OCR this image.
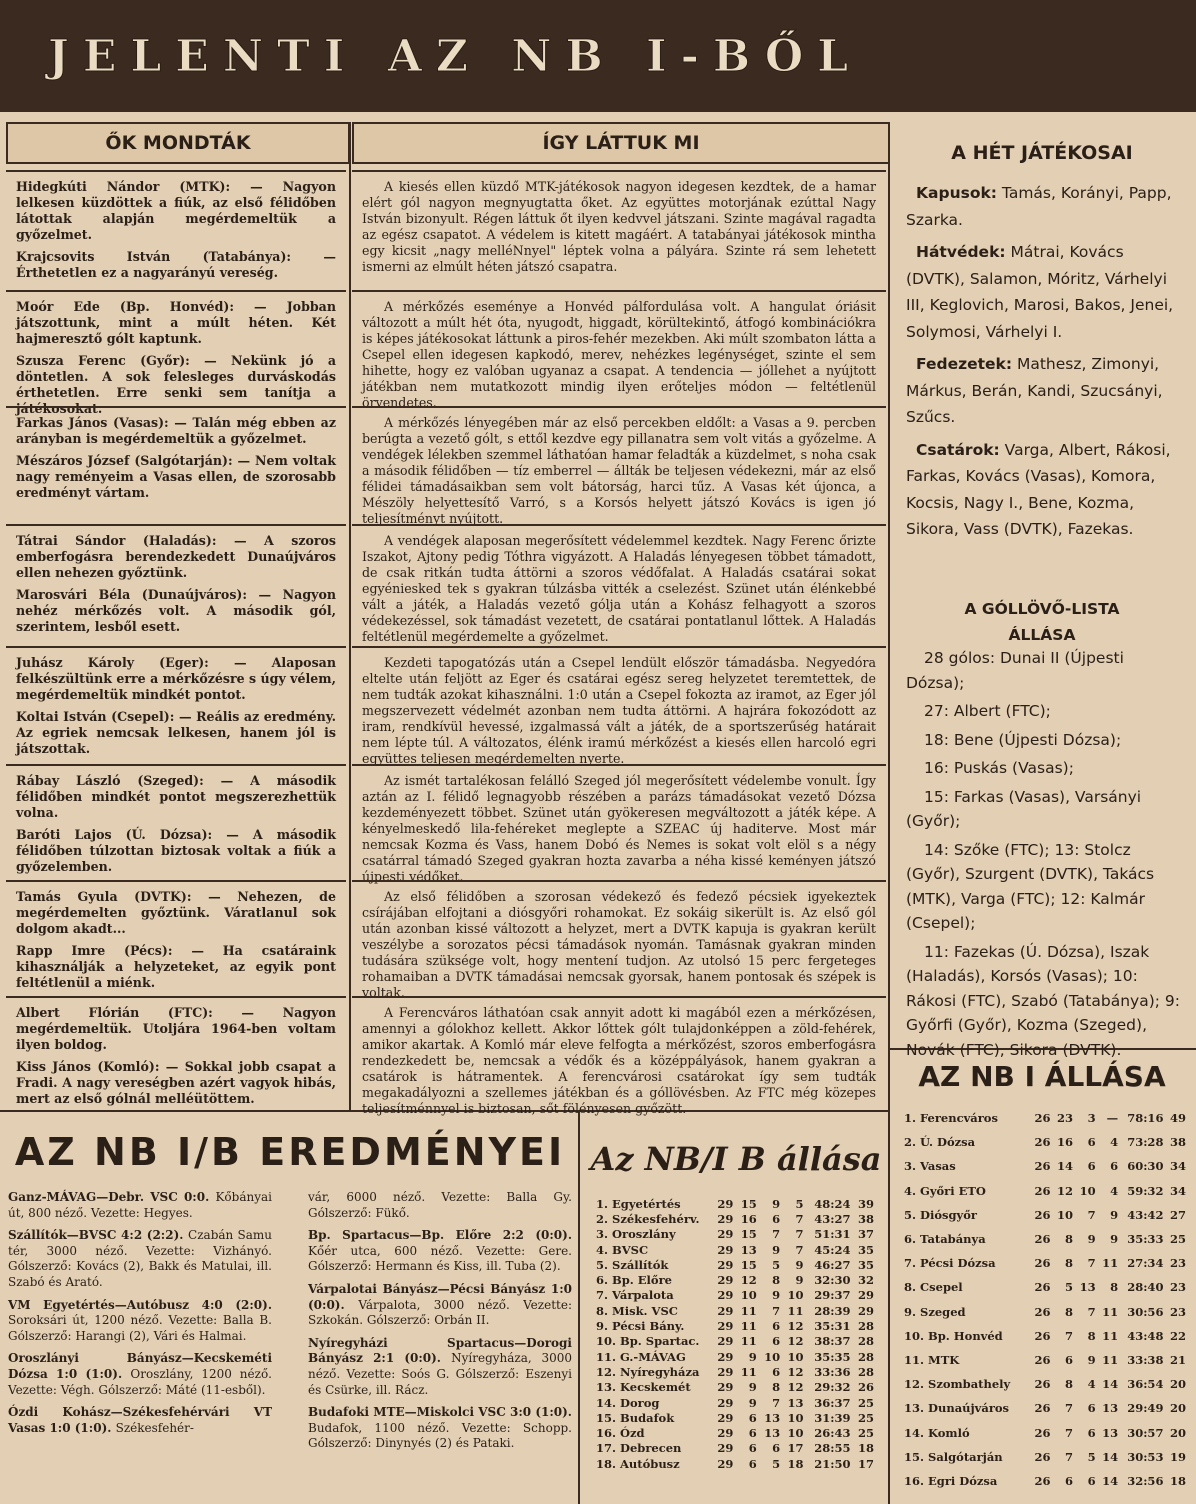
JELENTI AZ NB I-BŐL
ŐK MONDTÁK	ÍGY LÁTTUK MI	A HÉT JÁTÉKOSAI

Hidegkúti Nándor (MTK): — Nagyon lelkesen küzdöttek a fiúk, az első félidőben látottak alapján megérdemeltük a győzelmet.

Krajcsovits István (Tatabánya): — Érthetetlen ez a nagyarányú vereség.

Moór Ede (Bp. Honvéd): — Jobban játszottunk, mint a múlt héten. Két hajmeresztő gólt kaptunk.

Szusza Ferenc (Győr): — Nekünk jó a döntetlen. A sok felesleges durváskodás érthetetlen. Erre senki sem tanítja a játékosokat.

Farkas János (Vasas): — Talán még ebben az arányban is megérdemeltük a győzelmet.

Mészáros József (Salgótarján): — Nem voltak nagy reményeim a Vasas ellen, de szorosabb eredményt vártam.

Tátrai Sándor (Haladás): — A szoros emberfogásra berendezkedett Dunaújváros ellen nehezen győztünk.

Marosvári Béla (Dunaújváros): — Nagyon nehéz mérkőzés volt. A második gól, szerintem, lesből esett.

Juhász Károly (Eger): — Alaposan felkészültünk erre a mérkőzésre s úgy vélem, megérdemeltük mindkét pontot.

Koltai István (Csepel): — Reális az eredmény. Az egriek nemcsak lelkesen, hanem jól is játszottak.

Rábay László (Szeged): — A második félidőben mindkét pontot megszerezhettük volna.

Baróti Lajos (Ú. Dózsa): — A második félidőben túlzottan biztosak voltak a fiúk a győzelemben.

Tamás Gyula (DVTK): — Nehezen, de megérdemelten győztünk. Váratlanul sok dolgom akadt...

Rapp Imre (Pécs): — Ha csatáraink kihasználják a helyzeteket, az egyik pont feltétlenül a miénk.

Albert Flórián (FTC): — Nagyon megérdemeltük. Utoljára 1964-ben voltam ilyen boldog.

Kiss János (Komló): — Sokkal jobb csapat a Fradi. A nagy vereségben azért vagyok hibás, mert az első gólnál melléütöttem.

A kiesés ellen küzdő MTK-játékosok nagyon idegesen kezdtek, de a hamar elért gól nagyon megnyugtatta őket. Az együttes motorjának ezúttal Nagy István bizonyult. Régen láttuk őt ilyen kedvvel játszani. Szinte magával ragadta az egész csapatot. A védelem is kitett magáért. A tatabányai játékosok mintha egy kicsit „nagy melléNnyel" léptek volna a pályára. Szinte rá sem lehetett ismerni az elmúlt héten játszó csapatra.

A mérkőzés eseménye a Honvéd pálfordulása volt. A hangulat óriásit változott a múlt hét óta, nyugodt, higgadt, körültekintő, átfogó kombinációkra is képes játékosokat láttunk a piros-fehér mezekben. Aki múlt szombaton látta a Csepel ellen idegesen kapkodó, merev, nehézkes legénységet, szinte el sem hihette, hogy ez valóban ugyanaz a csapat. A tendencia — jóllehet a nyújtott játékban nem mutatkozott mindig ilyen erőteljes módon — feltétlenül örvendetes.

A mérkőzés lényegében már az első percekben eldőlt: a Vasas a 9. percben berúgta a vezető gólt, s ettől kezdve egy pillanatra sem volt vitás a győzelme. A vendégek lélekben szemmel láthatóan hamar feladták a küzdelmet, s noha csak a második félidőben — tíz emberrel — állták be teljesen védekezni, már az első félidei támadásaikban sem volt bátorság, harci tűz. A Vasas két újonca, a Mészöly helyettesítő Varró, s a Korsós helyett játszó Kovács is igen jó teljesítményt nyújtott.

A vendégek alaposan megerősített védelemmel kezdtek. Nagy Ferenc őrizte Iszakot, Ajtony pedig Tóthra vigyázott. A Haladás lényegesen többet támadott, de csak ritkán tudta áttörni a szoros védőfalat. A Haladás csatárai sokat egyéniesked tek s gyakran túlzásba vitték a cselezést. Szünet után élénkebbé vált a játék, a Haladás vezető gólja után a Kohász felhagyott a szoros védekezéssel, sok támadást vezetett, de csatárai pontatlanul lőttek. A Haladás feltétlenül megérdemelte a győzelmet.

Kezdeti tapogatózás után a Csepel lendült először támadásba. Negyedóra eltelte után feljött az Eger és csatárai egész sereg helyzetet teremtettek, de nem tudták azokat kihasználni. 1:0 után a Csepel fokozta az iramot, az Eger jól megszervezett védelmét azonban nem tudta áttörni. A hajrára fokozódott az iram, rendkívül hevessé, izgalmassá vált a játék, de a sportszerűség határait nem lépte túl. A változatos, élénk iramú mérkőzést a kiesés ellen harcoló egri együttes teljesen megérdemelten nyerte.

Az ismét tartalékosan felálló Szeged jól megerősített védelembe vonult. Így aztán az I. félidő legnagyobb részében a parázs támadásokat vezető Dózsa kezdeményezett többet. Szünet után gyökeresen megváltozott a játék képe. A kényelmeskedő lila-fehéreket meglepte a SZEAC új haditerve. Most már nemcsak Kozma és Vass, hanem Dobó és Nemes is sokat volt elöl s a négy csatárral támadó Szeged gyakran hozta zavarba a néha kissé keményen játszó újpesti védőket.

Az első félidőben a szorosan védekező és fedező pécsiek igyekeztek csírájában elfojtani a diósgyőri rohamokat. Ez sokáig sikerült is. Az első gól után azonban kissé változott a helyzet, mert a DVTK kapuja is gyakran került veszélybe a sorozatos pécsi támadások nyomán. Tamásnak gyakran minden tudására szüksége volt, hogy mentení tudjon. Az utolsó 15 perc fergeteges rohamaiban a DVTK támadásai nemcsak gyorsak, hanem pontosak és szépek is voltak.

A Ferencváros láthatóan csak annyit adott ki magából ezen a mérkőzésen, amennyi a gólokhoz kellett. Akkor lőttek gólt tulajdonképpen a zöld-fehérek, amikor akartak. A Komló már eleve felfogta a mérkőzést, szoros emberfogásra rendezkedett be, nemcsak a védők és a középpályások, hanem gyakran a csatárok is hátramentek. A ferencvárosi csatárokat így sem tudták megakadályozni a szellemes játékban és a góllövésben. Az FTC még közepes teljesítménnyel is biztosan, sőt fölényesen győzött.

Kapusok: Tamás, Korányi, Papp, Szarka.

Hátvédek: Mátrai, Kovács (DVTK), Salamon, Móritz, Várhelyi III, Keglovich, Marosi, Bakos, Jenei, Solymosi, Várhelyi I.

Fedezetek: Mathesz, Zimonyi, Márkus, Berán, Kandi, Szucsányi, Szűcs.

Csatárok: Varga, Albert, Rákosi, Farkas, Kovács (Vasas), Komora, Kocsis, Nagy I., Bene, Kozma, Sikora, Vass (DVTK), Fazekas.

A GÓLLÖVŐ-LISTA
ÁLLÁSA

28 gólos: Dunai II (Újpesti Dózsa);

27: Albert (FTC);

18: Bene (Újpesti Dózsa);

16: Puskás (Vasas);

15: Farkas (Vasas), Varsányi (Győr);

14: Szőke (FTC); 13: Stolcz (Győr), Szurgent (DVTK), Takács (MTK), Varga (FTC); 12: Kalmár (Csepel);

11: Fazekas (Ú. Dózsa), Iszak (Haladás), Korsós (Vasas); 10: Rákosi (FTC), Szabó (Tatabánya); 9: Győrfi (Győr), Kozma (Szeged), Novák (FTC), Sikora (DVTK).

AZ NB I ÁLLÁSA
1. Ferencváros	26	23	3	—	78:16	49
2. Ú. Dózsa	26	16	6	4	73:28	38
3. Vasas	26	14	6	6	60:30	34
4. Győri ETO	26	12	10	4	59:32	34
5. Diósgyőr	26	10	7	9	43:42	27
6. Tatabánya	26	8	9	9	35:33	25
7. Pécsi Dózsa	26	8	7	11	27:34	23
8. Csepel	26	5	13	8	28:40	23
9. Szeged	26	8	7	11	30:56	23
10. Bp. Honvéd	26	7	8	11	43:48	22
11. MTK	26	6	9	11	33:38	21
12. Szombathely	26	8	4	14	36:54	20
13. Dunaújváros	26	7	6	13	29:49	20
14. Komló	26	7	6	13	30:57	20
15. Salgótarján	26	7	5	14	30:53	19
16. Egri Dózsa	26	6	6	14	32:56	18
AZ NB I/B EREDMÉNYEI

Ganz-MÁVAG—Debr. VSC 0:0. Kőbányai út, 800 néző. Vezette: Hegyes.

Szállítók—BVSC 4:2 (2:2). Czabán Samu tér, 3000 néző. Vezette: Vizhányó. Gólszerző: Kovács (2), Bakk és Matulai, ill. Szabó és Arató.

VM Egyetértés—Autóbusz 4:0 (2:0). Soroksári út, 1200 néző. Vezette: Balla B. Gólszerző: Harangi (2), Vári és Halmai.

Oroszlányi Bányász—Kecskeméti Dózsa 1:0 (1:0). Oroszlány, 1200 néző. Vezette: Végh. Gólszerző: Máté (11-esből).

Ózdi Kohász—Székesfehérvári VT Vasas 1:0 (1:0). Székesfehér-

vár, 6000 néző. Vezette: Balla Gy. Gólszerző: Fükő.

Bp. Spartacus—Bp. Előre 2:2 (0:0). Kőér utca, 600 néző. Vezette: Gere. Gólszerző: Hermann és Kiss, ill. Tuba (2).

Várpalotai Bányász—Pécsi Bányász 1:0 (0:0). Várpalota, 3000 néző. Vezette: Szkokán. Gólszerző: Orbán II.

Nyíregyházi Spartacus—Dorogi Bányász 2:1 (0:0). Nyíregyháza, 3000 néző. Vezette: Soós G. Gólszerző: Eszenyi és Csürke, ill. Rácz.

Budafoki MTE—Miskolci VSC 3:0 (1:0). Budafok, 1100 néző. Vezette: Schopp. Gólszerző: Dinynyés (2) és Pataki.

Az NB/I B állása
1. Egyetértés	29	15	9	5	48:24	39
2. Székesfehérv.	29	16	6	7	43:27	38
3. Oroszlány	29	15	7	7	51:31	37
4. BVSC	29	13	9	7	45:24	35
5. Szállítók	29	15	5	9	46:27	35
6. Bp. Előre	29	12	8	9	32:30	32
7. Várpalota	29	10	9	10	29:37	29
8. Misk. VSC	29	11	7	11	28:39	29
9. Pécsi Bány.	29	11	6	12	35:31	28
10. Bp. Spartac.	29	11	6	12	38:37	28
11. G.-MÁVAG	29	9	10	10	35:35	28
12. Nyíregyháza	29	11	6	12	33:36	28
13. Kecskemét	29	9	8	12	29:32	26
14. Dorog	29	9	7	13	36:37	25
15. Budafok	29	6	13	10	31:39	25
16. Ózd	29	6	13	10	26:43	25
17. Debrecen	29	6	6	17	28:55	18
18. Autóbusz	29	6	5	18	21:50	17
